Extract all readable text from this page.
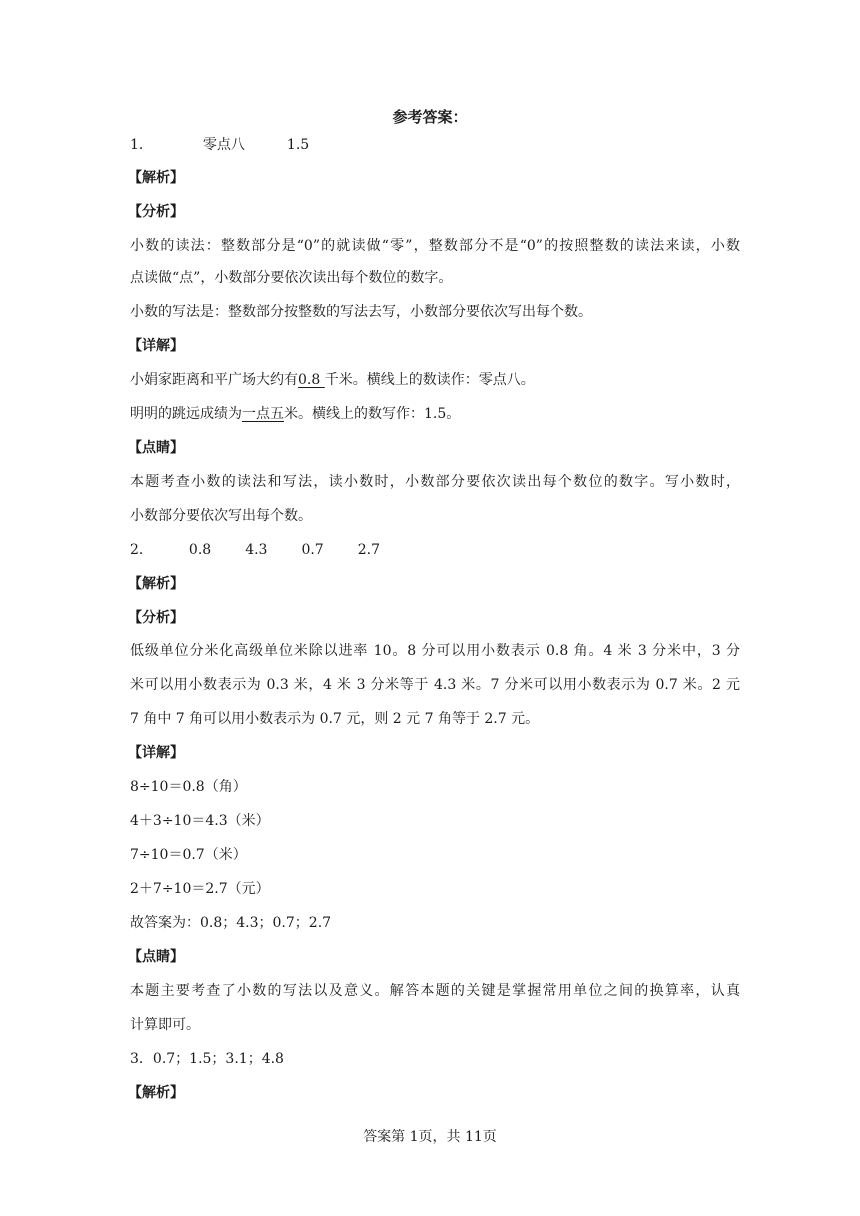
参考答案：
1．	零点八	1.5
【解析】
【分析】
小数的读法：整数部分是“0”的就读做“零”，整数部分不是“0”的按照整数的读法来读，小数
点读做“点”，小数部分要依次读出每个数位的数字。
小数的写法是：整数部分按整数的写法去写，小数部分要依次写出每个数。
【详解】
小娟家距离和平广场大约有0.8 千米。横线上的数读作：零点八。
明明的跳远成绩为一点五米。横线上的数写作：1.5。
【点睛】
本题考查小数的读法和写法，读小数时，小数部分要依次读出每个数位的数字。写小数时，
小数部分要依次写出每个数。
2．	0.8 4.3 0.7 2.7
【解析】
【分析】
低级单位分米化高级单位米除以进率 10。8 分可以用小数表示 0.8 角。4 米 3 分米中，3 分
米可以用小数表示为 0.3 米，4 米 3 分米等于 4.3 米。7 分米可以用小数表示为 0.7 米。2 元
7 角中 7 角可以用小数表示为 0.7 元，则 2 元 7 角等于 2.7 元。
【详解】
8÷10＝0.8（角）
4＋3÷10＝4.3（米）
7÷10＝0.7（米）
2＋7÷10＝2.7（元）
故答案为：0.8；4.3；0.7；2.7
【点睛】
本题主要考查了小数的写法以及意义。解答本题的关键是掌握常用单位之间的换算率，认真
计算即可。
3．0.7；1.5；3.1；4.8
【解析】
答案第 1页，共 11页
